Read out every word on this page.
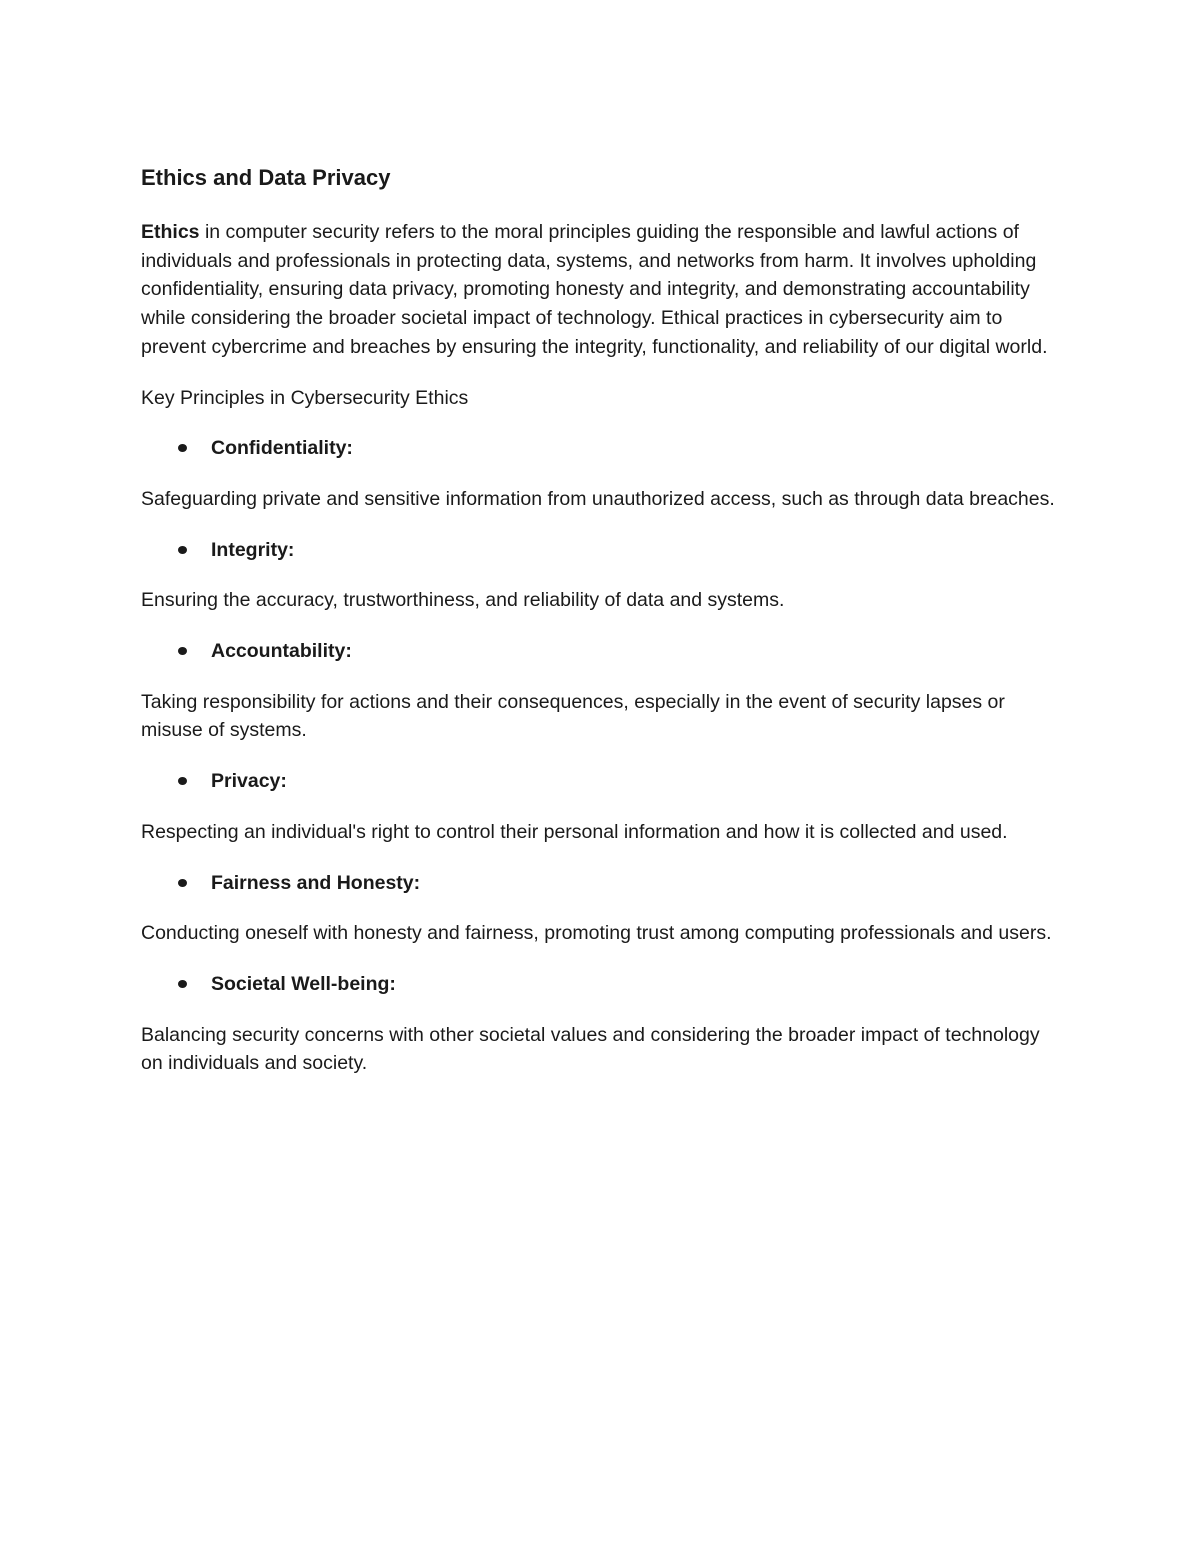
Ethics and Data Privacy

Ethics in computer security refers to the moral principles guiding the responsible and lawful actions of individuals and professionals in protecting data, systems, and networks from harm. It involves upholding confidentiality, ensuring data privacy, promoting honesty and integrity, and demonstrating accountability while considering the broader societal impact of technology. Ethical practices in cybersecurity aim to prevent cybercrime and breaches by ensuring the integrity, functionality, and reliability of our digital world.

Key Principles in Cybersecurity Ethics

Confidentiality:

Safeguarding private and sensitive information from unauthorized access, such as through data breaches.

Integrity:

Ensuring the accuracy, trustworthiness, and reliability of data and systems.

Accountability:

Taking responsibility for actions and their consequences, especially in the event of security lapses or misuse of systems.

Privacy:

Respecting an individual's right to control their personal information and how it is collected and used.

Fairness and Honesty:

Conducting oneself with honesty and fairness, promoting trust among computing professionals and users.

Societal Well-being:

Balancing security concerns with other societal values and considering the broader impact of technology on individuals and society.
